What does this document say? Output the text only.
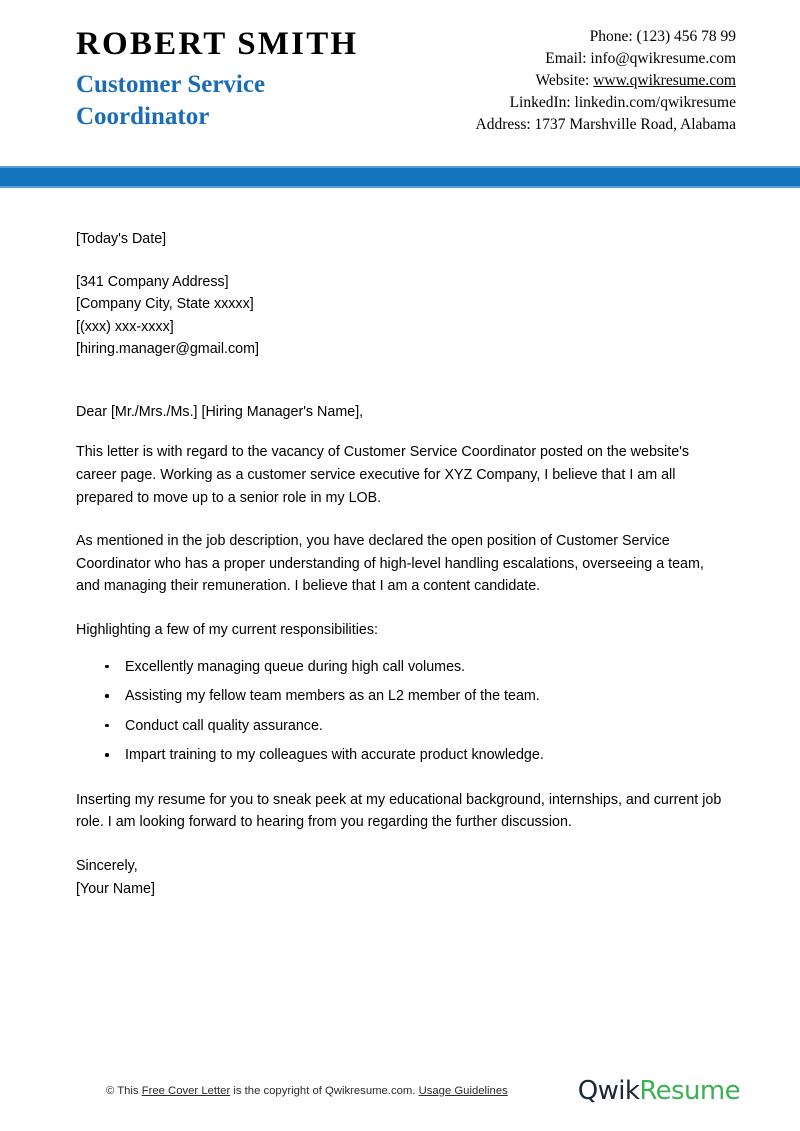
ROBERT SMITH
Customer Service Coordinator
Phone: (123) 456 78 99
Email: info@qwikresume.com
Website: www.qwikresume.com
LinkedIn: linkedin.com/qwikresume
Address: 1737 Marshville Road, Alabama
[Today's Date]
[341 Company Address]
[Company City, State xxxxx]
[(xxx) xxx-xxxx]
[hiring.manager@gmail.com]
Dear [Mr./Mrs./Ms.] [Hiring Manager's Name],

This letter is with regard to the vacancy of Customer Service Coordinator posted on the website's career page. Working as a customer service executive for XYZ Company, I believe that I am all prepared to move up to a senior role in my LOB.

As mentioned in the job description, you have declared the open position of Customer Service Coordinator who has a proper understanding of high-level handling escalations, overseeing a team, and managing their remuneration. I believe that I am a content candidate.

Highlighting a few of my current responsibilities:

Excellently managing queue during high call volumes.
Assisting my fellow team members as an L2 member of the team.
Conduct call quality assurance.
Impart training to my colleagues with accurate product knowledge.

Inserting my resume for you to sneak peek at my educational background, internships, and current job role. I am looking forward to hearing from you regarding the further discussion.

Sincerely,
[Your Name]
© This Free Cover Letter is the copyright of Qwikresume.com. Usage Guidelines	QwikResume
